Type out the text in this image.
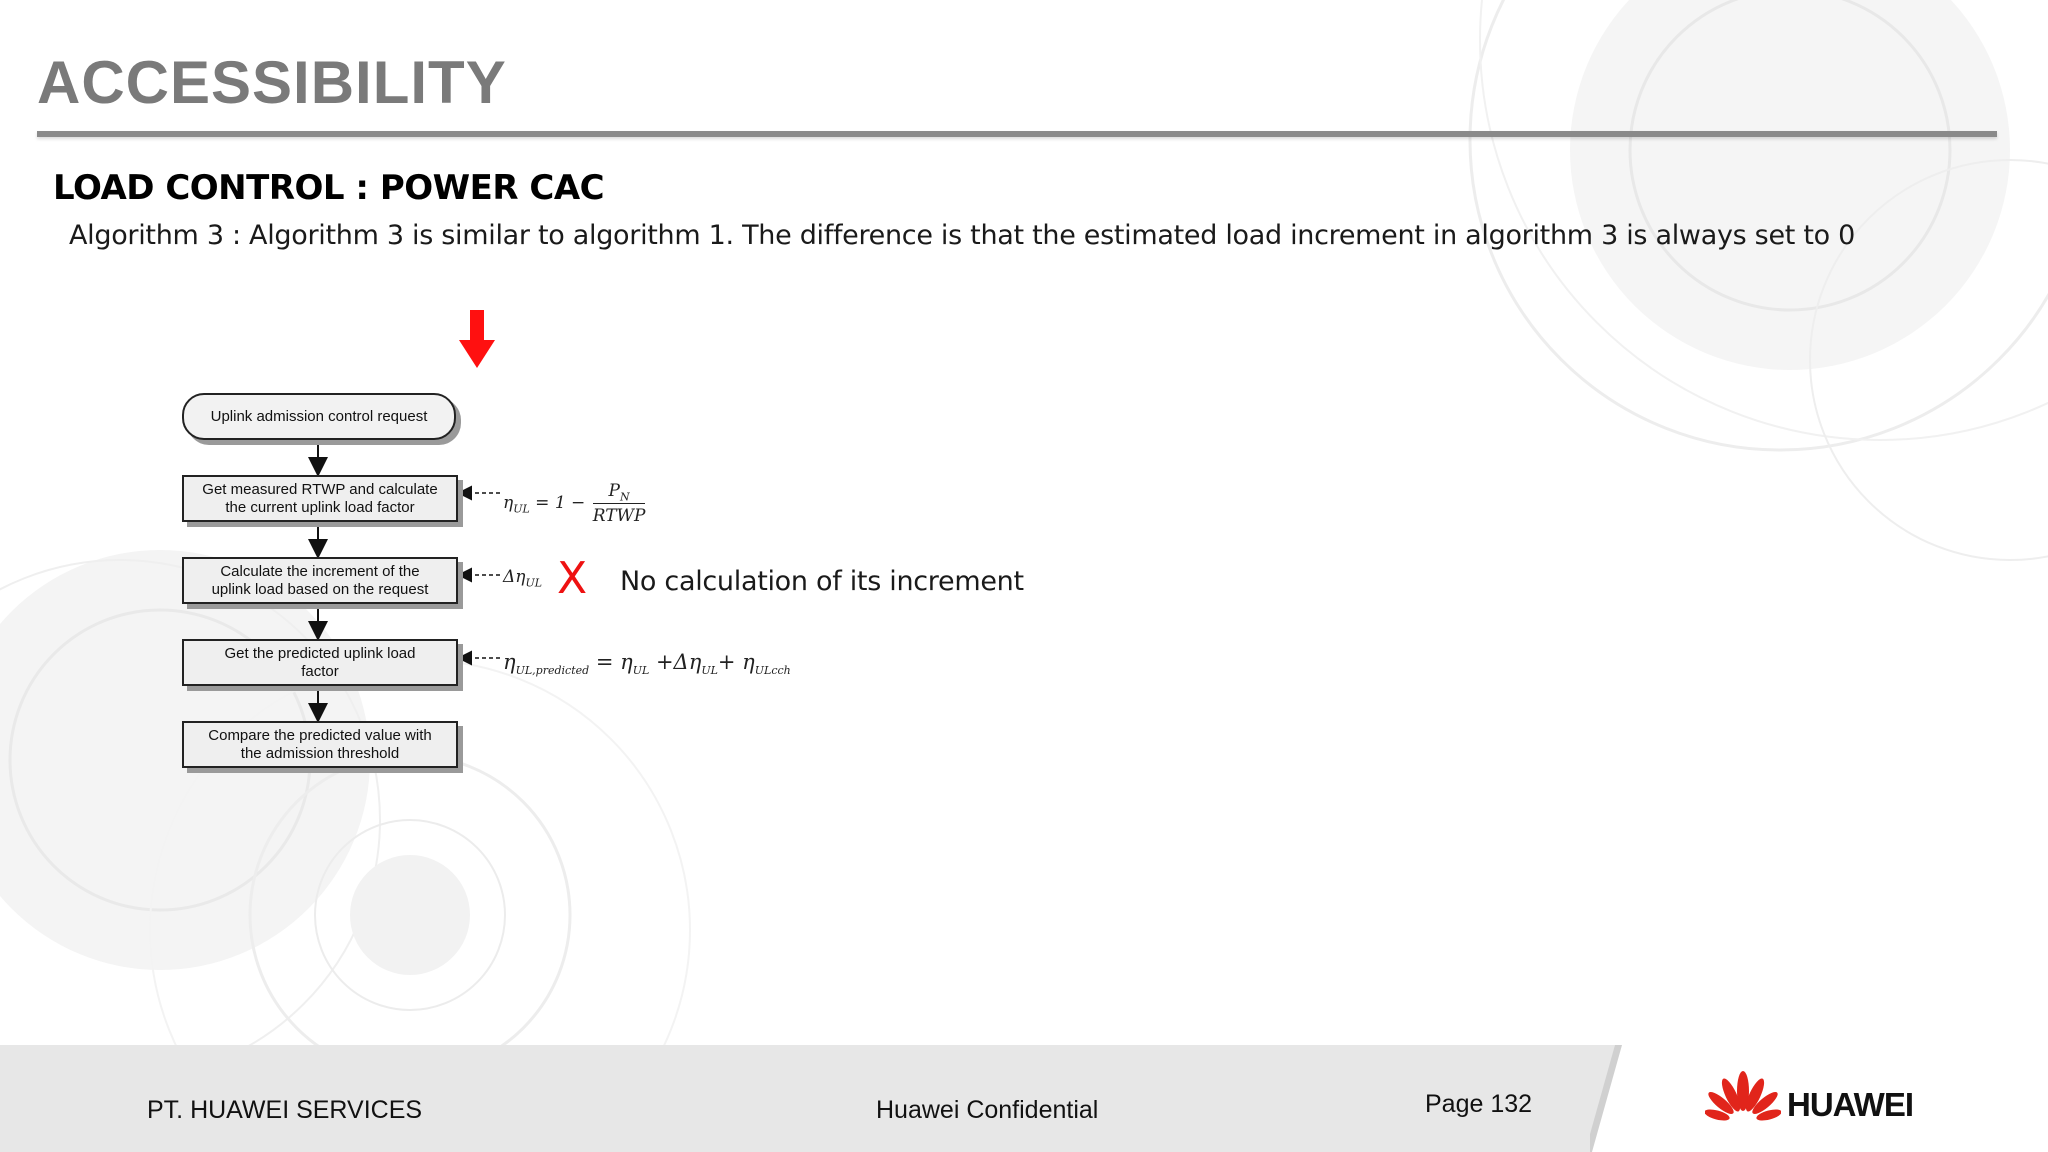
ACCESSIBILITY
LOAD CONTROL : POWER CAC
Algorithm 3 : Algorithm 3 is similar to algorithm 1. The difference is that the estimated load increment in algorithm 3 is always set to 0
Uplink admission control request
Get measured RTWP and calculate
the current uplink load factor
Calculate the increment of the
uplink load based on the request
Get the predicted uplink load
factor
Compare the predicted value with
the admission threshold
$\eta_{UL} = 1 - \frac{P_N}{\text{RTWP}}$
$\Delta\eta_{UL}$
$\eta_{UL,predicted} = \eta_{UL} +\Delta\eta_{UL}+ \eta_{ULcch}$
X No calculation of its increment
PT. HUAWEI SERVICES	Huawei Confidential	Page 132	HUAWEI
